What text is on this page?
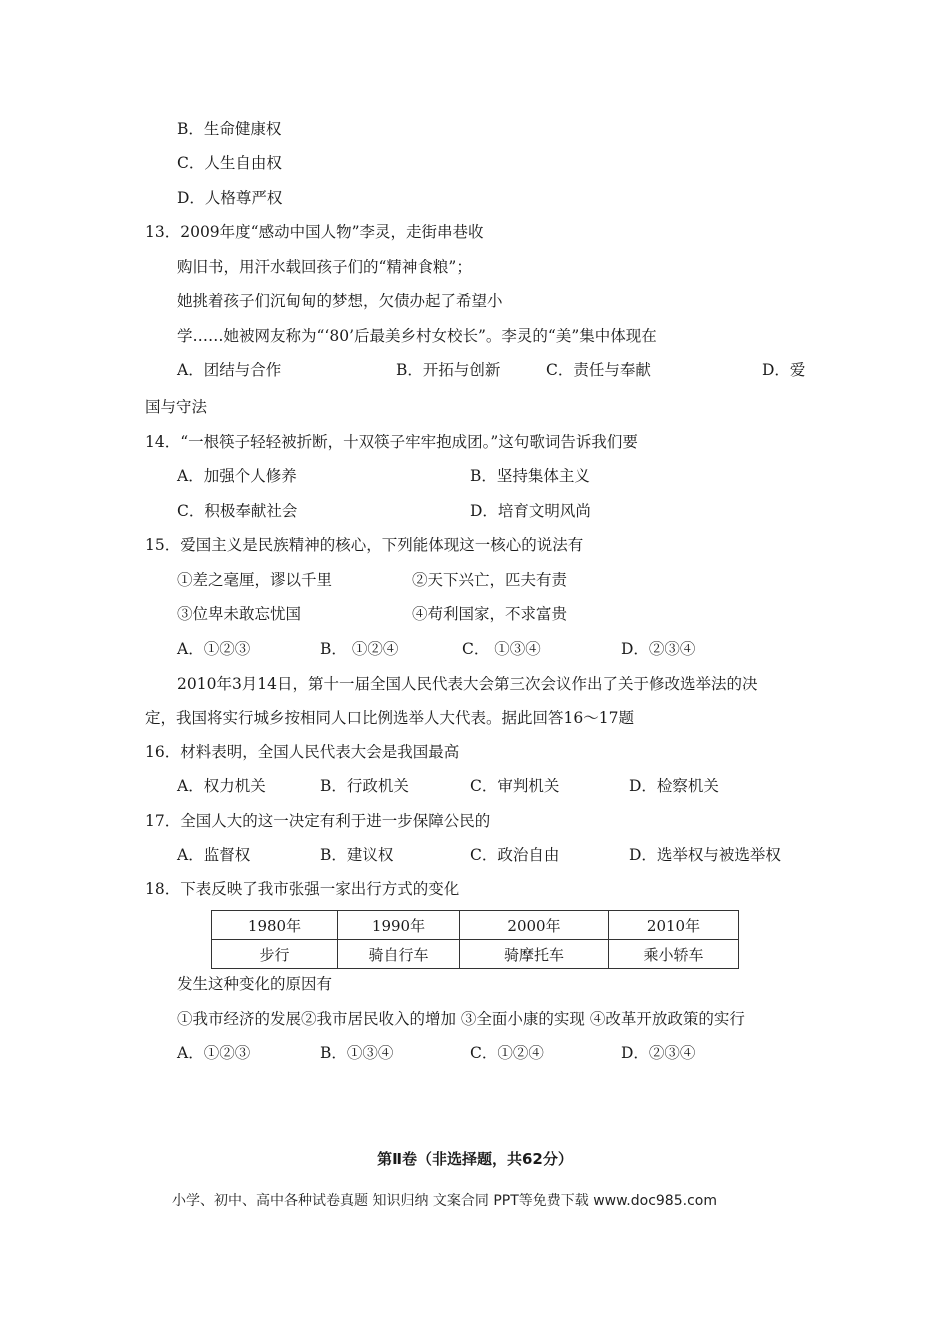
B．生命健康权
C．人生自由权
D．人格尊严权
13．2009年度“感动中国人物”李灵，走街串巷收
购旧书，用汗水载回孩子们的“精神食粮”；
她挑着孩子们沉甸甸的梦想，欠债办起了希望小
学……她被网友称为“‘80’后最美乡村女校长”。李灵的“美”集中体现在
A．团结与合作	B．开拓与创新	C．责任与奉献	D．爱
国与守法
14．“一根筷子轻轻被折断，十双筷子牢牢抱成团。”这句歌词告诉我们要
A．加强个人修养	B．坚持集体主义
C．积极奉献社会	D．培育文明风尚
15．爱国主义是民族精神的核心，下列能体现这一核心的说法有
①差之毫厘，谬以千里	②天下兴亡，匹夫有责
③位卑未敢忘忧国	④苟利国家，不求富贵
A．①②③	B． ①②④	C． ①③④	D．②③④
2010年3月14日，第十一届全国人民代表大会第三次会议作出了关于修改选举法的决
定，我国将实行城乡按相同人口比例选举人大代表。据此回答16～17题
16．材料表明，全国人民代表大会是我国最高
A．权力机关	B．行政机关	C．审判机关	D．检察机关
17．全国人大的这一决定有利于进一步保障公民的
A．监督权	B．建议权	C．政治自由	D．选举权与被选举权
18．下表反映了我市张强一家出行方式的变化
1980年	1990年	2000年	2010年
步行	骑自行车	骑摩托车	乘小轿车
发生这种变化的原因有
①我市经济的发展②我市居民收入的增加 ③全面小康的实现 ④改革开放政策的实行
A．①②③	B．①③④	C．①②④	D．②③④
第Ⅱ卷（非选择题，共62分）
小学、初中、高中各种试卷真题 知识归纳 文案合同 PPT等免费下载 www.doc985.com
